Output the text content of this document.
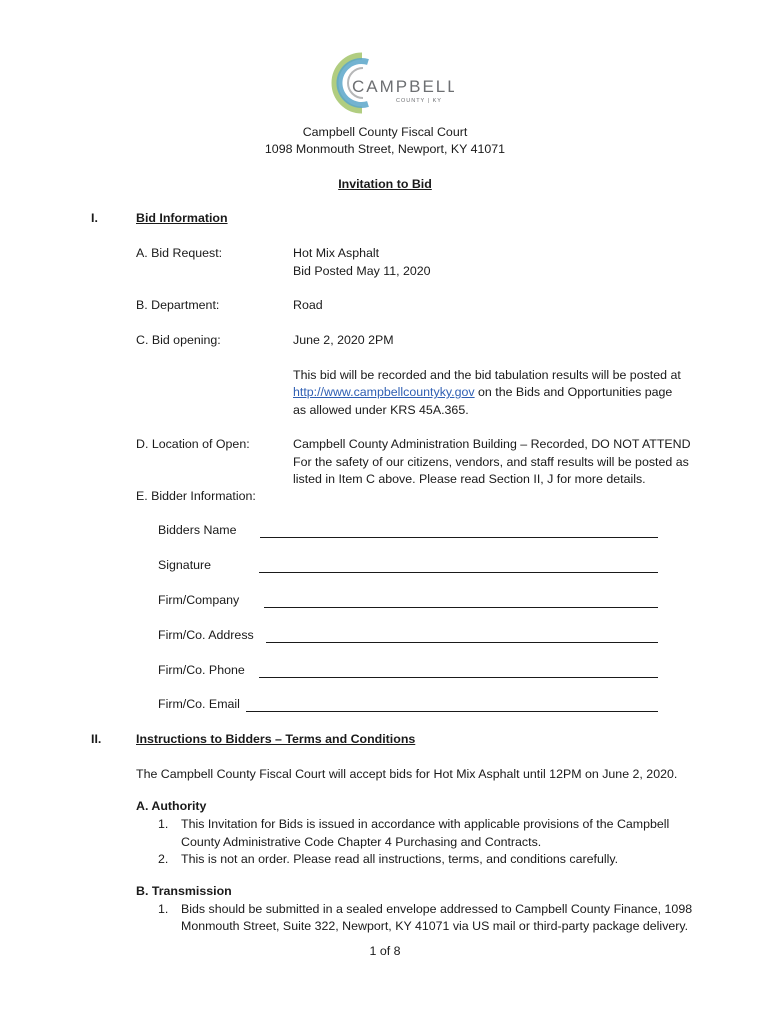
CAMPBELL
COUNTY | KY
Campbell County Fiscal Court
1098 Monmouth Street, Newport, KY 41071
Invitation to Bid
I.	Bid Information
A. Bid Request:	Hot Mix Asphalt
Bid Posted May 11, 2020
B. Department:	Road
C. Bid opening:	June 2, 2020 2PM
This bid will be recorded and the bid tabulation results will be posted at
http://www.campbellcountyky.gov on the Bids and Opportunities page
as allowed under KRS 45A.365.
D. Location of Open:	Campbell County Administration Building – Recorded, DO NOT ATTEND
For the safety of our citizens, vendors, and staff results will be posted as
listed in Item C above. Please read Section II, J for more details.
E. Bidder Information:
Bidders Name
Signature
Firm/Company
Firm/Co. Address
Firm/Co. Phone
Firm/Co. Email
II.	Instructions to Bidders – Terms and Conditions
The Campbell County Fiscal Court will accept bids for Hot Mix Asphalt until 12PM on June 2, 2020.
A. Authority
1. This Invitation for Bids is issued in accordance with applicable provisions of the Campbell
County Administrative Code Chapter 4 Purchasing and Contracts.
2. This is not an order. Please read all instructions, terms, and conditions carefully.
B. Transmission
1. Bids should be submitted in a sealed envelope addressed to Campbell County Finance, 1098
Monmouth Street, Suite 322, Newport, KY 41071 via US mail or third-party package delivery.
1 of 8
